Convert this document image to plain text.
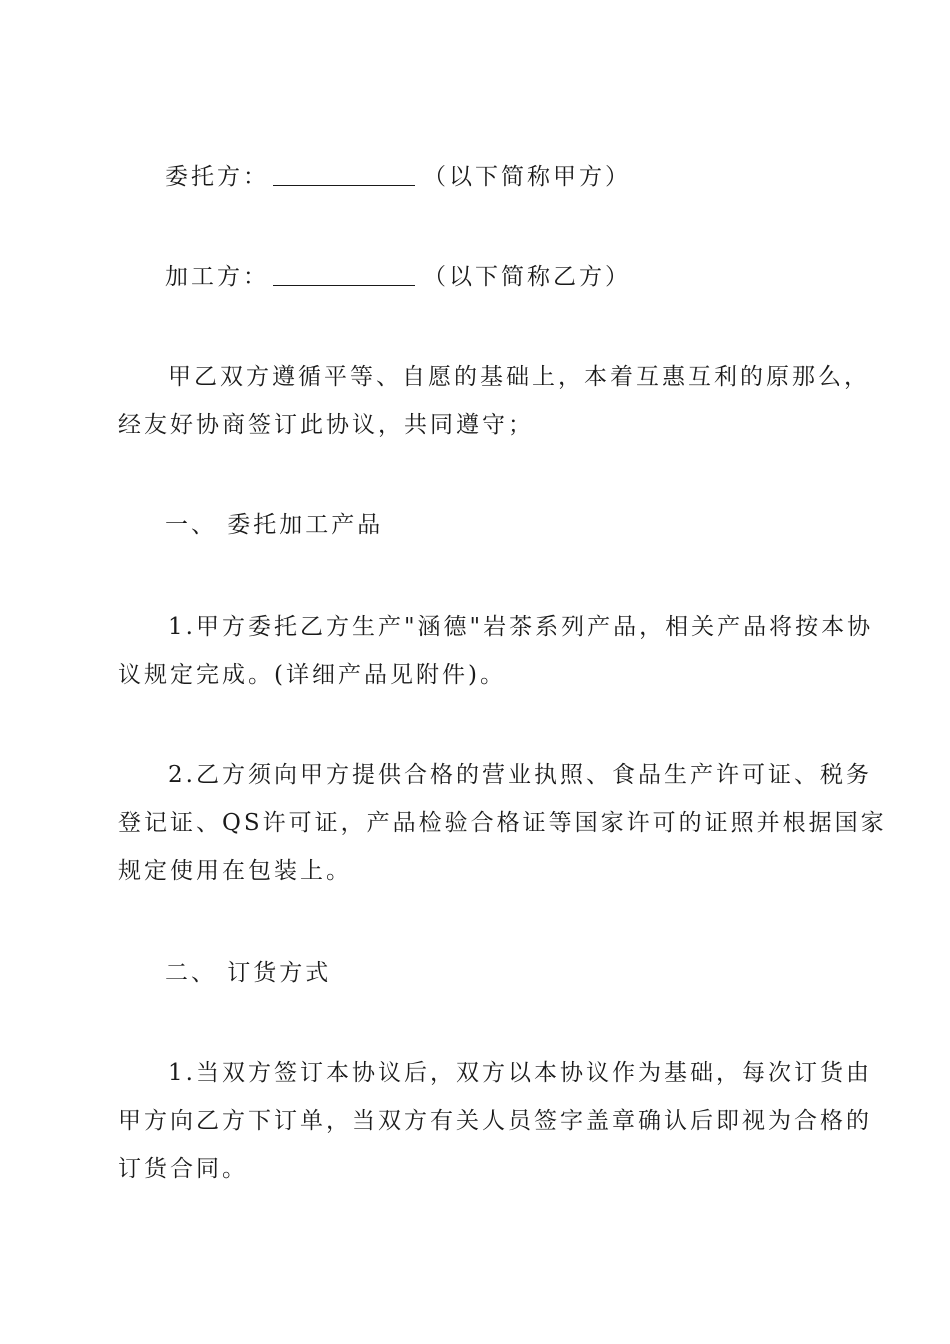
委托方：	（以下简称甲方）
加工方：	（以下简称乙方）
甲乙双方遵循平等、自愿的基础上，本着互惠互利的原那么，
经友好协商签订此协议，共同遵守；
一、 委托加工产品
1.甲方委托乙方生产"涵德"岩茶系列产品，相关产品将按本协
议规定完成。(详细产品见附件)。
2.乙方须向甲方提供合格的营业执照、食品生产许可证、税务
登记证、QS许可证，产品检验合格证等国家许可的证照并根据国家
规定使用在包装上。
二、 订货方式
1.当双方签订本协议后，双方以本协议作为基础，每次订货由
甲方向乙方下订单，当双方有关人员签字盖章确认后即视为合格的
订货合同。
